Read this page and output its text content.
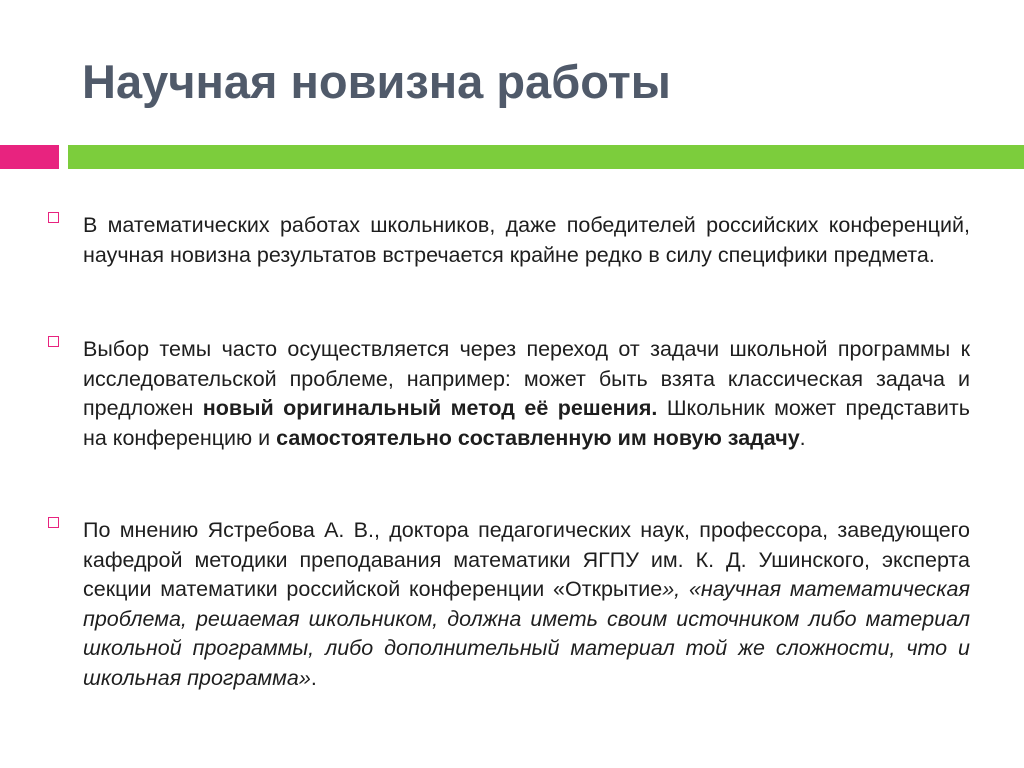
Научная новизна работы

В математических работах школьников, даже победителей российских конференций, научная новизна результатов встречается крайне редко в силу специфики предмета.

Выбор темы часто осуществляется через переход от задачи школьной программы к исследовательской проблеме, например: может быть взята классическая задача и предложен новый оригинальный метод её решения. Школьник может представить на конференцию и самостоятельно составленную им новую задачу.

По мнению Ястребова А. В., доктора педагогических наук, профессора, заведующего кафедрой методики преподавания математики ЯГПУ им. К. Д. Ушинского, эксперта секции математики российской конференции «Открытие», «научная математическая проблема, решаемая школьником, должна иметь своим источником либо материал школьной программы, либо дополнительный материал той же сложности, что и школьная программа».
